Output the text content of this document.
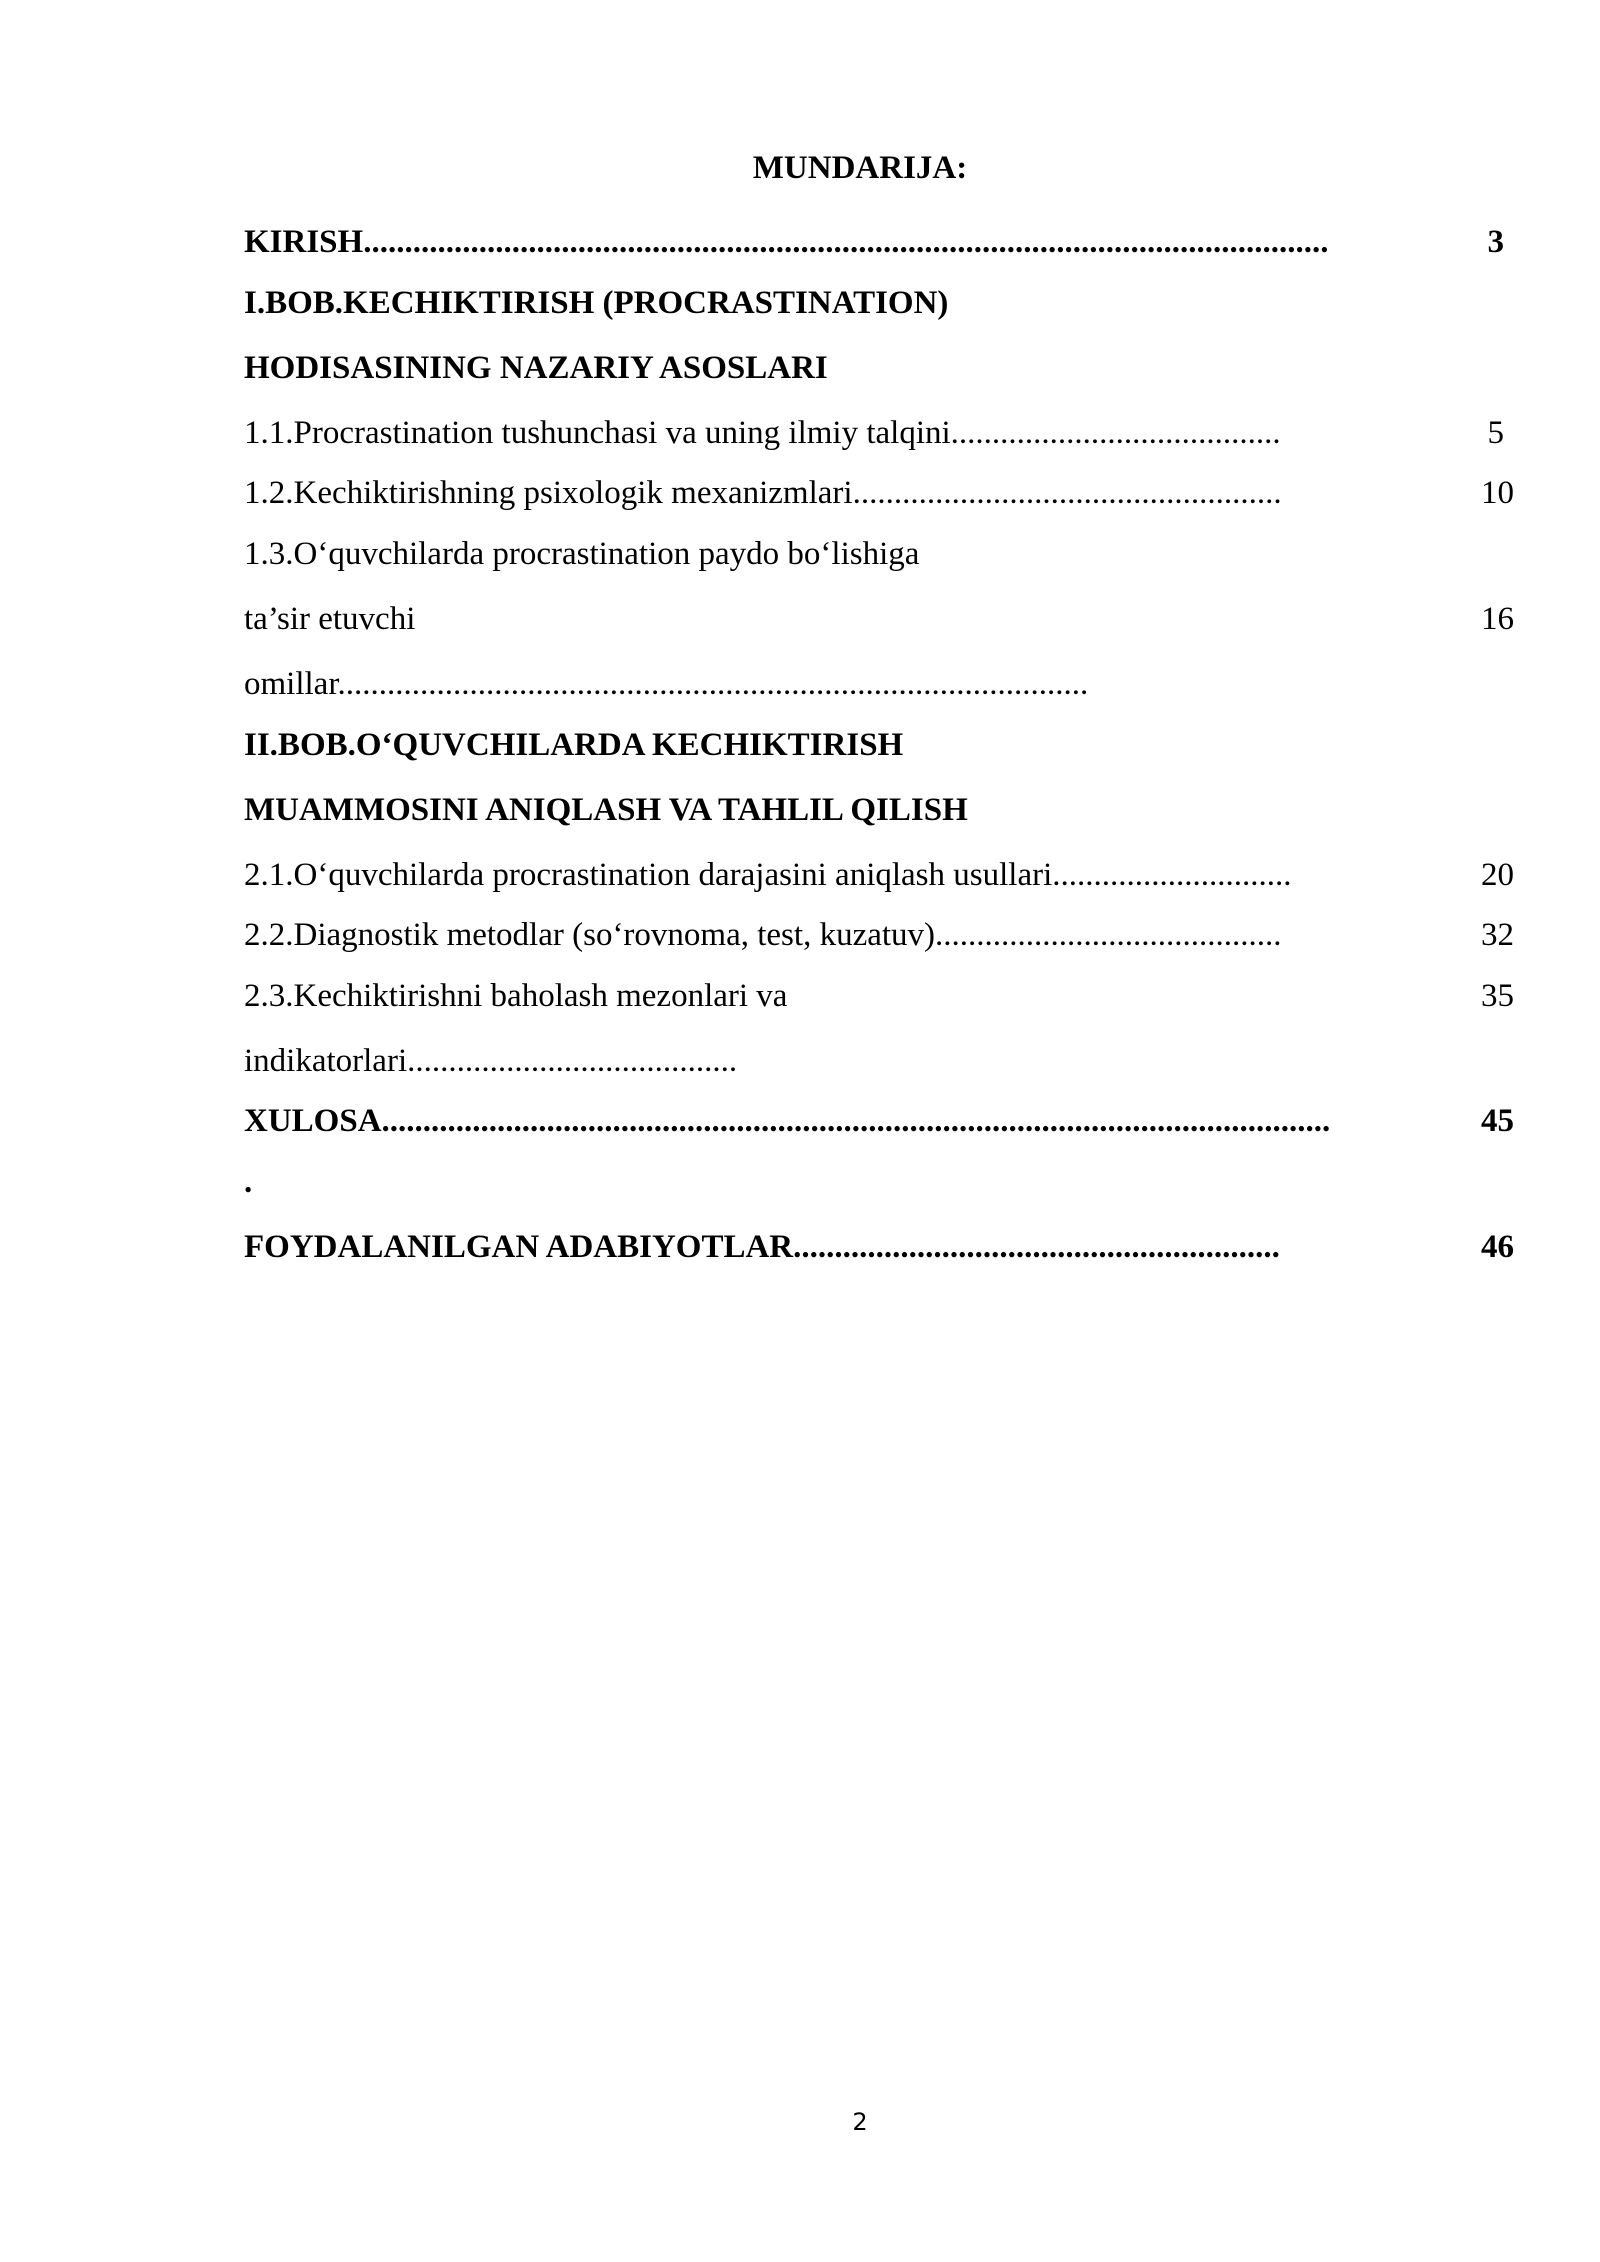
MUNDARIJA:
KIRISH.....................................................................................................................	3
I.BOB.KECHIKTIRISH (PROCRASTINATION)
HODISASINING NAZARIY ASOSLARI
1.1.Procrastination tushunchasi va uning ilmiy talqini........................................	5
1.2.Kechiktirishning psixologik mexanizmlari....................................................	10
1.3.O‘quvchilarda procrastination paydo bo‘lishiga
ta’sir etuvchi	16
omillar...........................................................................................
II.BOB.O‘QUVCHILARDA KECHIKTIRISH
MUAMMOSINI ANIQLASH VA TAHLIL QILISH
2.1.O‘quvchilarda procrastination darajasini aniqlash usullari.............................	20
2.2.Diagnostik metodlar (so‘rovnoma, test, kuzatuv)..........................................	32
2.3.Kechiktirishni baholash mezonlari va	35
indikatorlari........................................
XULOSA...................................................................................................................	45
.
FOYDALANILGAN ADABIYOTLAR...........................................................	46
2
